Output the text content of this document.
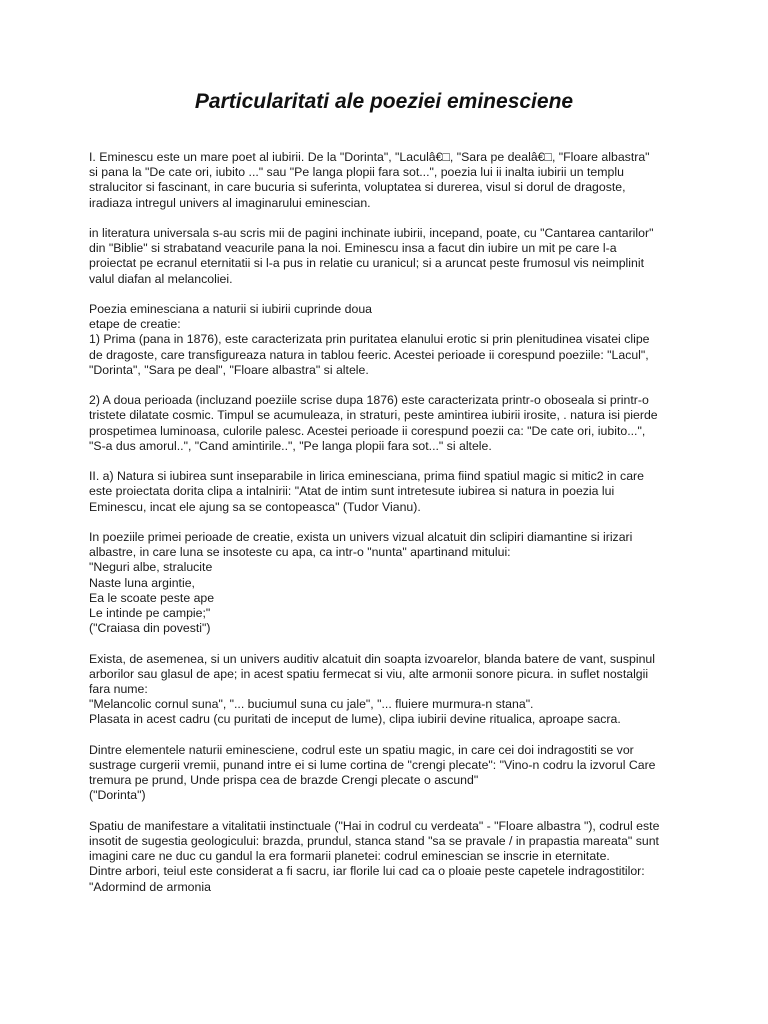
Particularitati ale poeziei eminesciene

I. Eminescu este un mare poet al iubirii. De la "Dorinta", "Laculâ€□, "Sara pe dealâ€□, "Floare albastra"
si pana la "De cate ori, iubito ..." sau "Pe langa plopii fara sot...", poezia lui ii inalta iubirii un templu
stralucitor si fascinant, in care bucuria si suferinta, voluptatea si durerea, visul si dorul de dragoste,
iradiaza intregul univers al imaginarului eminescian.

in literatura universala s-au scris mii de pagini inchinate iubirii, incepand, poate, cu "Cantarea cantarilor"
din "Biblie" si strabatand veacurile pana la noi. Eminescu insa a facut din iubire un mit pe care l-a
proiectat pe ecranul eternitatii si l-a pus in relatie cu uranicul; si a aruncat peste frumosul vis neimplinit
valul diafan al melancoliei.

Poezia eminesciana a naturii si iubirii cuprinde doua
etape de creatie:
1) Prima (pana in 1876), este caracterizata prin puritatea elanului erotic si prin plenitudinea visatei clipe
de dragoste, care transfigureaza natura in tablou feeric. Acestei perioade ii corespund poeziile: "Lacul",
"Dorinta", "Sara pe deal", "Floare albastra" si altele.

2) A doua perioada (incluzand poeziile scrise dupa 1876) este caracterizata printr-o oboseala si printr-o
tristete dilatate cosmic. Timpul se acumuleaza, in straturi, peste amintirea iubirii irosite, . natura isi pierde
prospetimea luminoasa, culorile palesc. Acestei perioade ii corespund poezii ca: "De cate ori, iubito...",
"S-a dus amorul..", "Cand amintirile..", "Pe langa plopii fara sot..." si altele.

II. a) Natura si iubirea sunt inseparabile in lirica eminesciana, prima fiind spatiul magic si mitic2 in care
este proiectata dorita clipa a intalnirii: "Atat de intim sunt intretesute iubirea si natura in poezia lui
Eminescu, incat ele ajung sa se contopeasca" (Tudor Vianu).

In poeziile primei perioade de creatie, exista un univers vizual alcatuit din sclipiri diamantine si irizari
albastre, in care luna se insoteste cu apa, ca intr-o "nunta" apartinand mitului:
"Neguri albe, stralucite
Naste luna argintie,
Ea le scoate peste ape
Le intinde pe campie;"
("Craiasa din povesti")

Exista, de asemenea, si un univers auditiv alcatuit din soapta izvoarelor, blanda batere de vant, suspinul
arborilor sau glasul de ape; in acest spatiu fermecat si viu, alte armonii sonore picura. in suflet nostalgii
fara nume:
"Melancolic cornul suna", "... buciumul suna cu jale", "... fluiere murmura-n stana".
Plasata in acest cadru (cu puritati de inceput de lume), clipa iubirii devine ritualica, aproape sacra.

Dintre elementele naturii eminesciene, codrul este un spatiu magic, in care cei doi indragostiti se vor
sustrage curgerii vremii, punand intre ei si lume cortina de "crengi plecate": "Vino-n codru la izvorul Care
tremura pe prund, Unde prispa cea de brazde Crengi plecate o ascund"
("Dorinta")

Spatiu de manifestare a vitalitatii instinctuale ("Hai in codrul cu verdeata" - "Floare albastra "), codrul este
insotit de sugestia geologicului: brazda, prundul, stanca stand "sa se pravale / in prapastia mareata" sunt
imagini care ne duc cu gandul la era formarii planetei: codrul eminescian se inscrie in eternitate.
Dintre arbori, teiul este considerat a fi sacru, iar florile lui cad ca o ploaie peste capetele indragostitilor:
"Adormind de armonia
